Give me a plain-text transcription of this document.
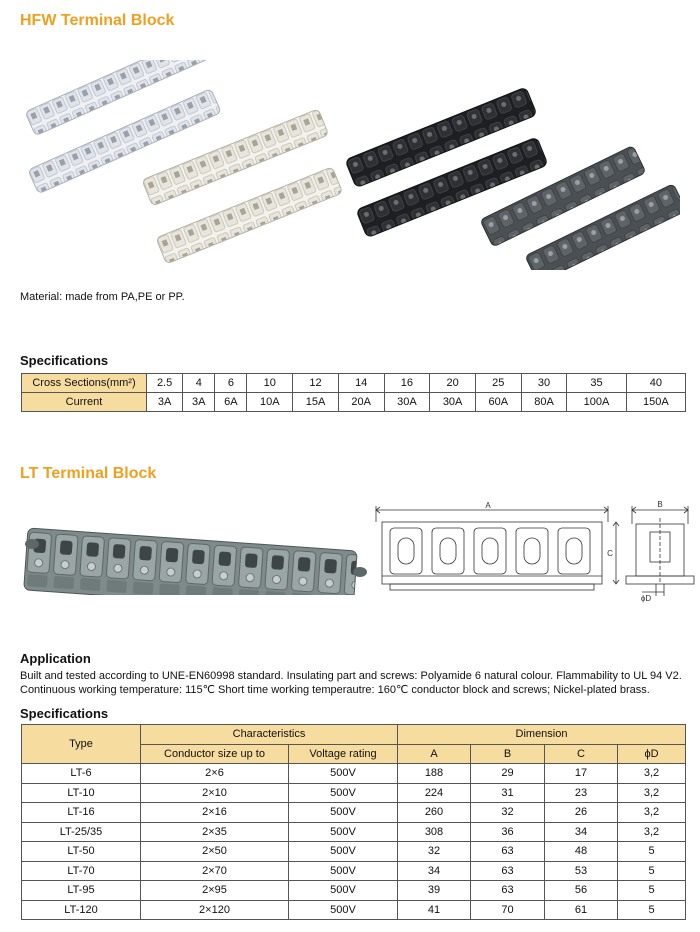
HFW Terminal Block
Material: made from PA,PE or PP.
Specifications
Cross Sections(mm²)	2.5	4	6	10	12	14	16	20	25	30	35	40
Current	3A	3A	6A	10A	15A	20A	30A	30A	60A	80A	100A	150A
LT Terminal Block
A
C
B
ϕD
Application
Built and tested according to UNE-EN60998 standard. Insulating part and screws: Polyamide 6 natural colour. Flammability to UL 94 V2.
Continuous working temperature: 115℃ Short time working temperautre: 160℃ conductor block and screws; Nickel-plated brass.
Specifications
Type	Characteristics		Dimension			
	Conductor size up to	Voltage rating	A	B	C	ϕD
LT-6	2×6	500V	188	29	17	3,2
LT-10	2×10	500V	224	31	23	3,2
LT-16	2×16	500V	260	32	26	3,2
LT-25/35	2×35	500V	308	36	34	3,2
LT-50	2×50	500V	32	63	48	5
LT-70	2×70	500V	34	63	53	5
LT-95	2×95	500V	39	63	56	5
LT-120	2×120	500V	41	70	61	5
